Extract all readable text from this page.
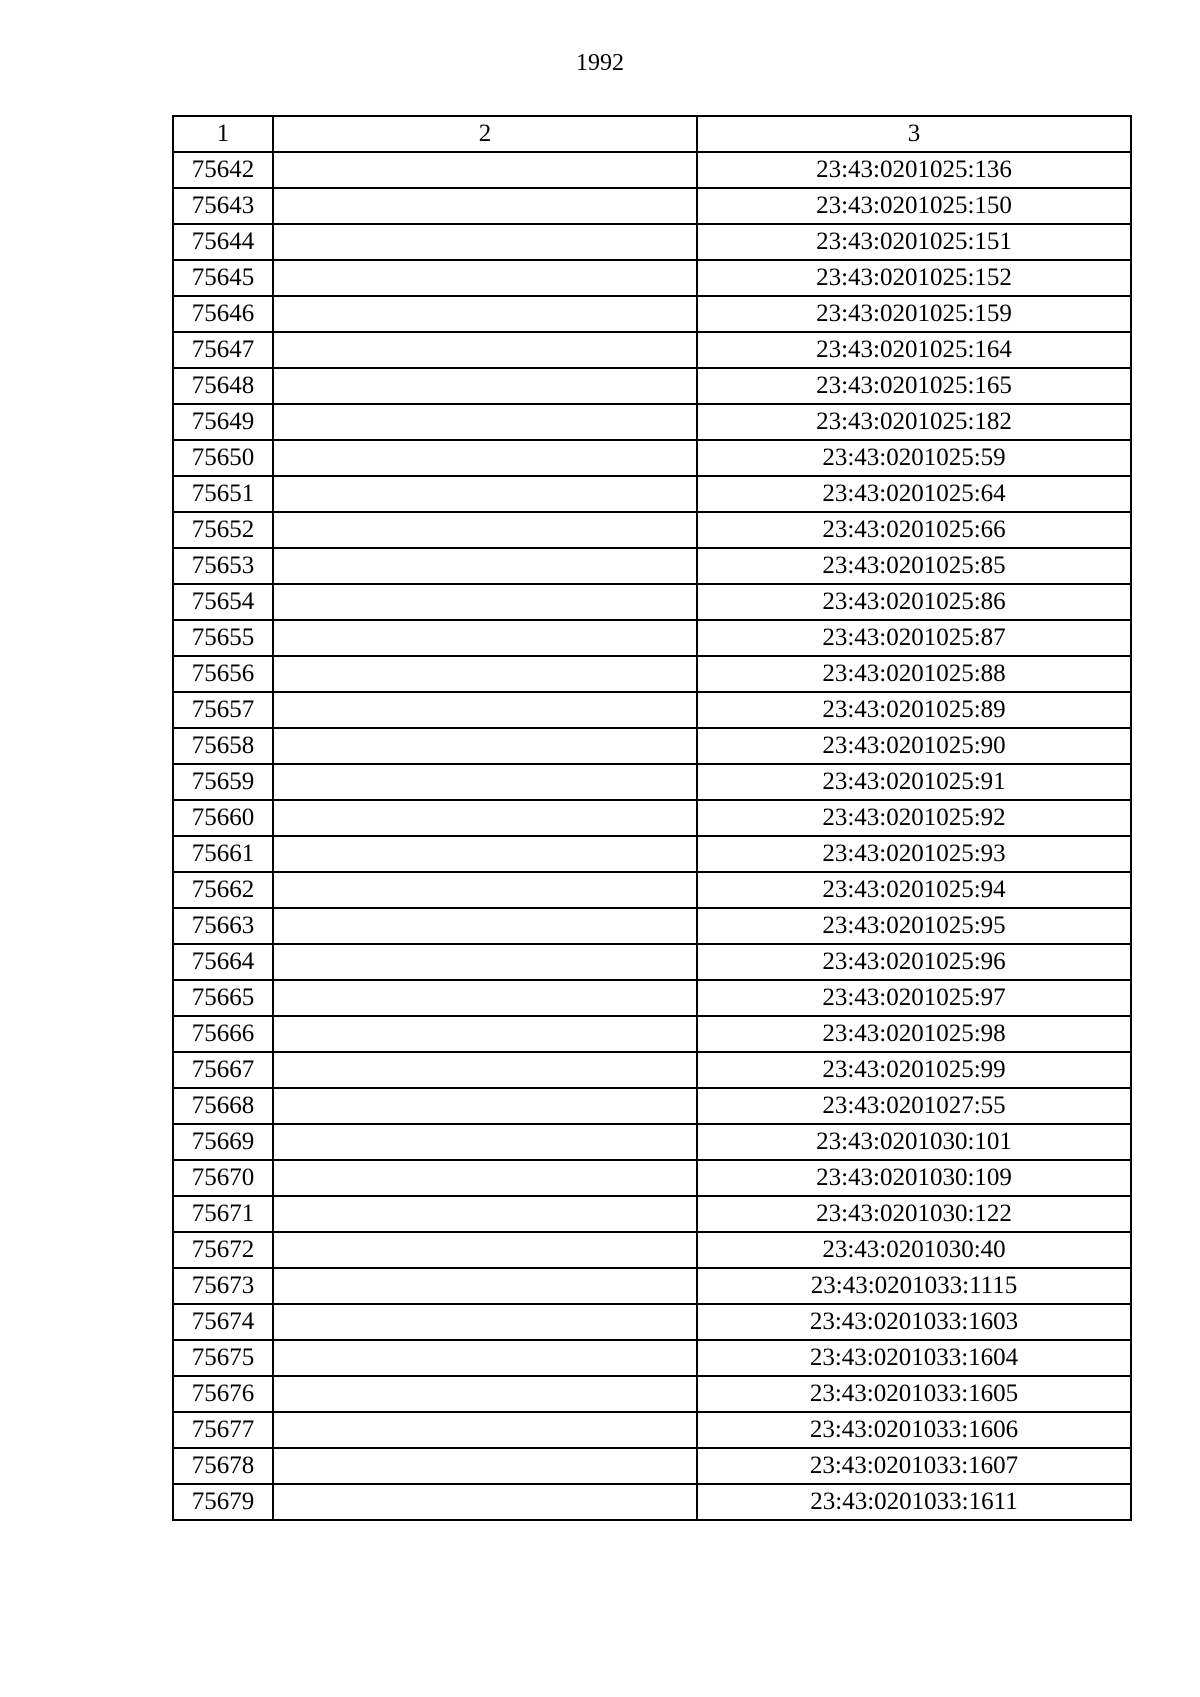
1992
1	2	3
75642		23:43:0201025:136
75643		23:43:0201025:150
75644		23:43:0201025:151
75645		23:43:0201025:152
75646		23:43:0201025:159
75647		23:43:0201025:164
75648		23:43:0201025:165
75649		23:43:0201025:182
75650		23:43:0201025:59
75651		23:43:0201025:64
75652		23:43:0201025:66
75653		23:43:0201025:85
75654		23:43:0201025:86
75655		23:43:0201025:87
75656		23:43:0201025:88
75657		23:43:0201025:89
75658		23:43:0201025:90
75659		23:43:0201025:91
75660		23:43:0201025:92
75661		23:43:0201025:93
75662		23:43:0201025:94
75663		23:43:0201025:95
75664		23:43:0201025:96
75665		23:43:0201025:97
75666		23:43:0201025:98
75667		23:43:0201025:99
75668		23:43:0201027:55
75669		23:43:0201030:101
75670		23:43:0201030:109
75671		23:43:0201030:122
75672		23:43:0201030:40
75673		23:43:0201033:1115
75674		23:43:0201033:1603
75675		23:43:0201033:1604
75676		23:43:0201033:1605
75677		23:43:0201033:1606
75678		23:43:0201033:1607
75679		23:43:0201033:1611
